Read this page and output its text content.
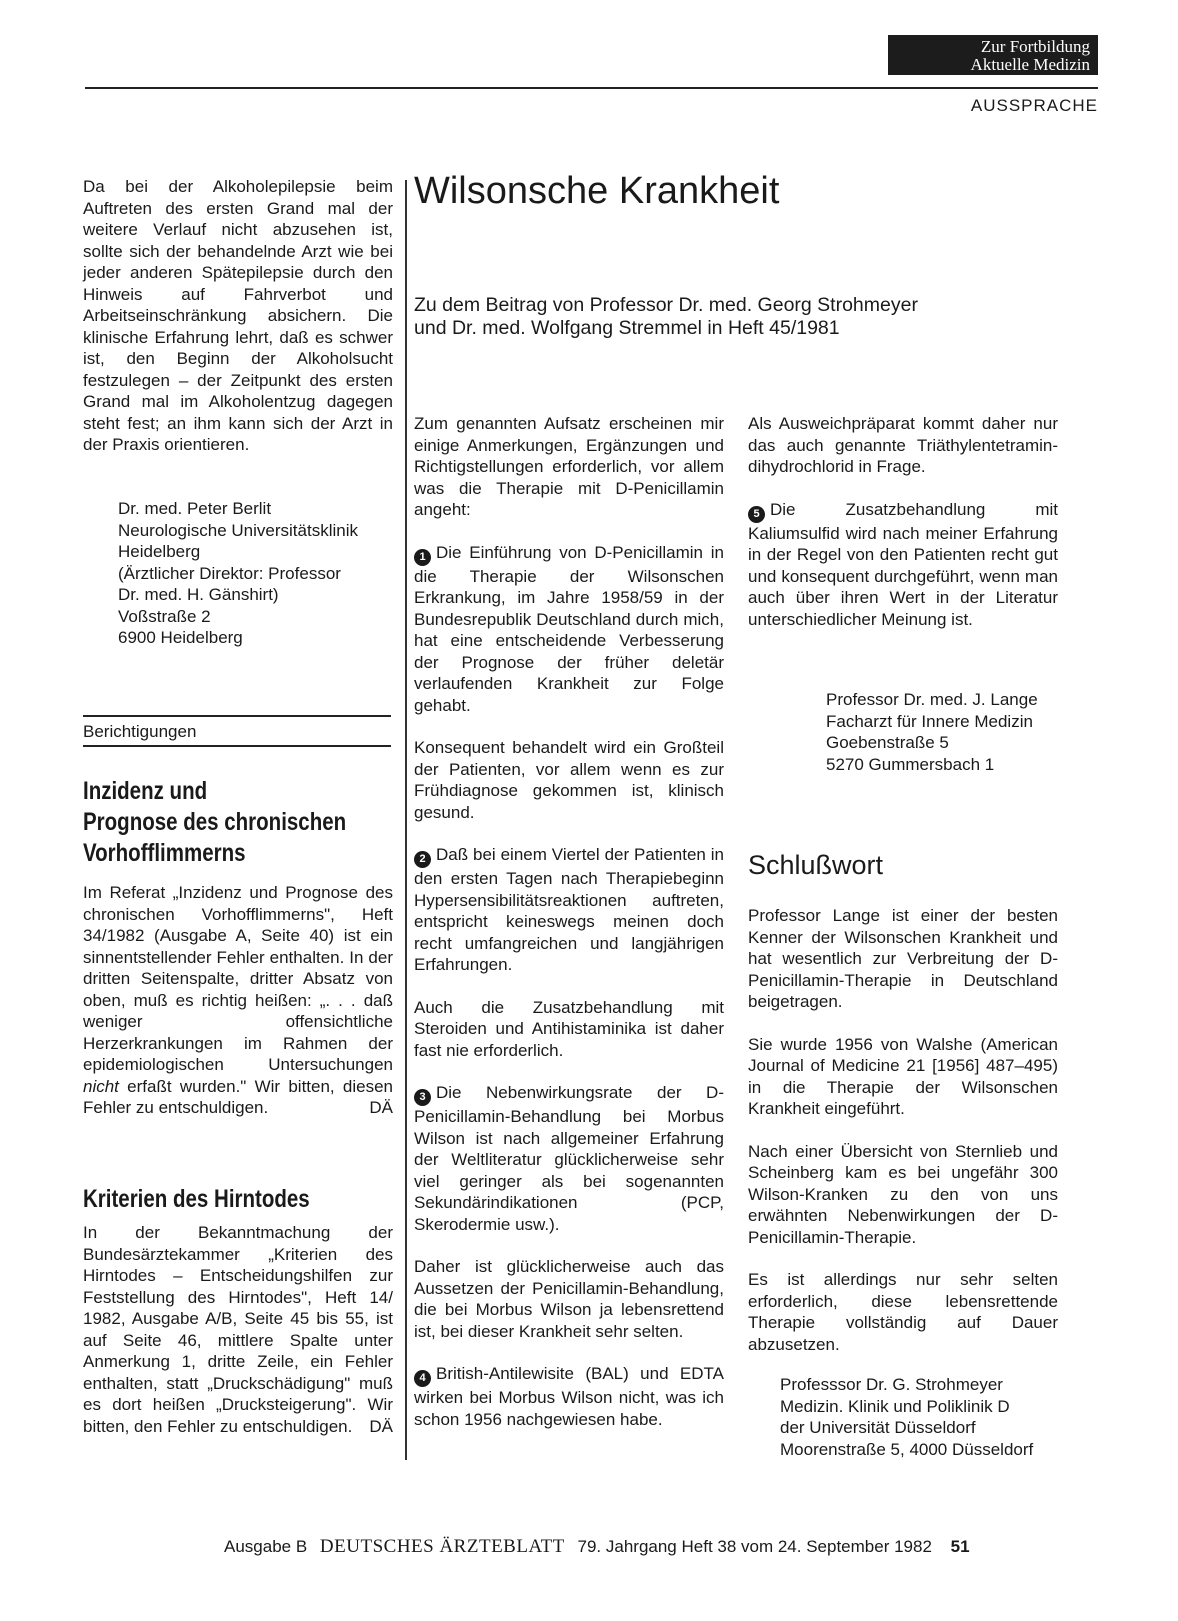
Zur Fortbildung
Aktuelle Medizin
AUSSPRACHE
Da bei der Alkoholepilepsie beim Auftreten des ersten Grand mal der weitere Verlauf nicht abzusehen ist, sollte sich der behandelnde Arzt wie bei jeder anderen Spätepilepsie durch den Hinweis auf Fahrverbot und Arbeitseinschränkung absichern. Die klinische Erfahrung lehrt, daß es schwer ist, den Beginn der Alkoholsucht festzulegen – der Zeitpunkt des ersten Grand mal im Alkoholentzug dagegen steht fest; an ihm kann sich der Arzt in der Praxis orientieren.
Dr. med. Peter Berlit
Neurologische Universitätsklinik
Heidelberg
(Ärztlicher Direktor: Professor
Dr. med. H. Gänshirt)
Voßstraße 2
6900 Heidelberg
Berichtigungen
Inzidenz und
Prognose des chronischen
Vorhofflimmerns
Im Referat „Inzidenz und Prognose des chronischen Vorhofflimmerns", Heft 34/1982 (Ausgabe A, Seite 40) ist ein sinnentstellender Fehler enthalten. In der dritten Seitenspalte, dritter Absatz von oben, muß es richtig heißen: „. . . daß weniger offensichtliche Herzerkrankungen im Rahmen der epidemiologischen Untersuchungen nicht erfaßt wurden." Wir bitten, diesen Fehler zu entschuldigen.	DÄ
Kriterien des Hirntodes
In der Bekanntmachung der Bundesärztekammer „Kriterien des Hirntodes – Entscheidungshilfen zur Feststellung des Hirntodes", Heft 14/ 1982, Ausgabe A/B, Seite 45 bis 55, ist auf Seite 46, mittlere Spalte unter Anmerkung 1, dritte Zeile, ein Fehler enthalten, statt „Druckschädigung" muß es dort heißen „Drucksteigerung". Wir bitten, den Fehler zu entschuldigen. DÄ
Wilsonsche Krankheit
Zu dem Beitrag von Professor Dr. med. Georg Strohmeyer
und Dr. med. Wolfgang Stremmel in Heft 45/1981

Zum genannten Aufsatz erscheinen mir einige Anmerkungen, Ergänzungen und Richtigstellungen erforderlich, vor allem was die Therapie mit D-Penicillamin angeht:

1 Die Einführung von D-Penicillamin in die Therapie der Wilsonschen Erkrankung, im Jahre 1958/59 in der Bundesrepublik Deutschland durch mich, hat eine entscheidende Verbesserung der Prognose der früher deletär verlaufenden Krankheit zur Folge gehabt.

Konsequent behandelt wird ein Großteil der Patienten, vor allem wenn es zur Frühdiagnose gekommen ist, klinisch gesund.

2 Daß bei einem Viertel der Patienten in den ersten Tagen nach Therapiebeginn Hypersensibilitätsreaktionen auftreten, entspricht keineswegs meinen doch recht umfangreichen und langjährigen Erfahrungen.

Auch die Zusatzbehandlung mit Steroiden und Antihistaminika ist daher fast nie erforderlich.

3 Die Nebenwirkungsrate der D-Penicillamin-Behandlung bei Morbus Wilson ist nach allgemeiner Erfahrung der Weltliteratur glücklicherweise sehr viel geringer als bei sogenannten Sekundärindikationen (PCP, Skerodermie usw.).

Daher ist glücklicherweise auch das Aussetzen der Penicillamin-Behandlung, die bei Morbus Wilson ja lebensrettend ist, bei dieser Krankheit sehr selten.

4 British-Antilewisite (BAL) und EDTA wirken bei Morbus Wilson nicht, was ich schon 1956 nachgewiesen habe.

Als Ausweichpräparat kommt daher nur das auch genannte Triäthylentetramin-dihydrochlorid in Frage.

5 Die Zusatzbehandlung mit Kaliumsulfid wird nach meiner Erfahrung in der Regel von den Patienten recht gut und konsequent durchgeführt, wenn man auch über ihren Wert in der Literatur unterschiedlicher Meinung ist.

Professor Dr. med. J. Lange
Facharzt für Innere Medizin
Goebenstraße 5
5270 Gummersbach 1
Schlußwort

Professor Lange ist einer der besten Kenner der Wilsonschen Krankheit und hat wesentlich zur Verbreitung der D-Penicillamin-Therapie in Deutschland beigetragen.

Sie wurde 1956 von Walshe (American Journal of Medicine 21 [1956] 487–495) in die Therapie der Wilsonschen Krankheit eingeführt.

Nach einer Übersicht von Sternlieb und Scheinberg kam es bei ungefähr 300 Wilson-Kranken zu den von uns erwähnten Nebenwirkungen der D-Penicillamin-Therapie.

Es ist allerdings nur sehr selten erforderlich, diese lebensrettende Therapie vollständig auf Dauer abzusetzen.

Professsor Dr. G. Strohmeyer
Medizin. Klinik und Poliklinik D
der Universität Düsseldorf
Moorenstraße 5, 4000 Düsseldorf
Ausgabe B DEUTSCHES ÄRZTEBLATT 79. Jahrgang Heft 38 vom 24. September 1982 51
